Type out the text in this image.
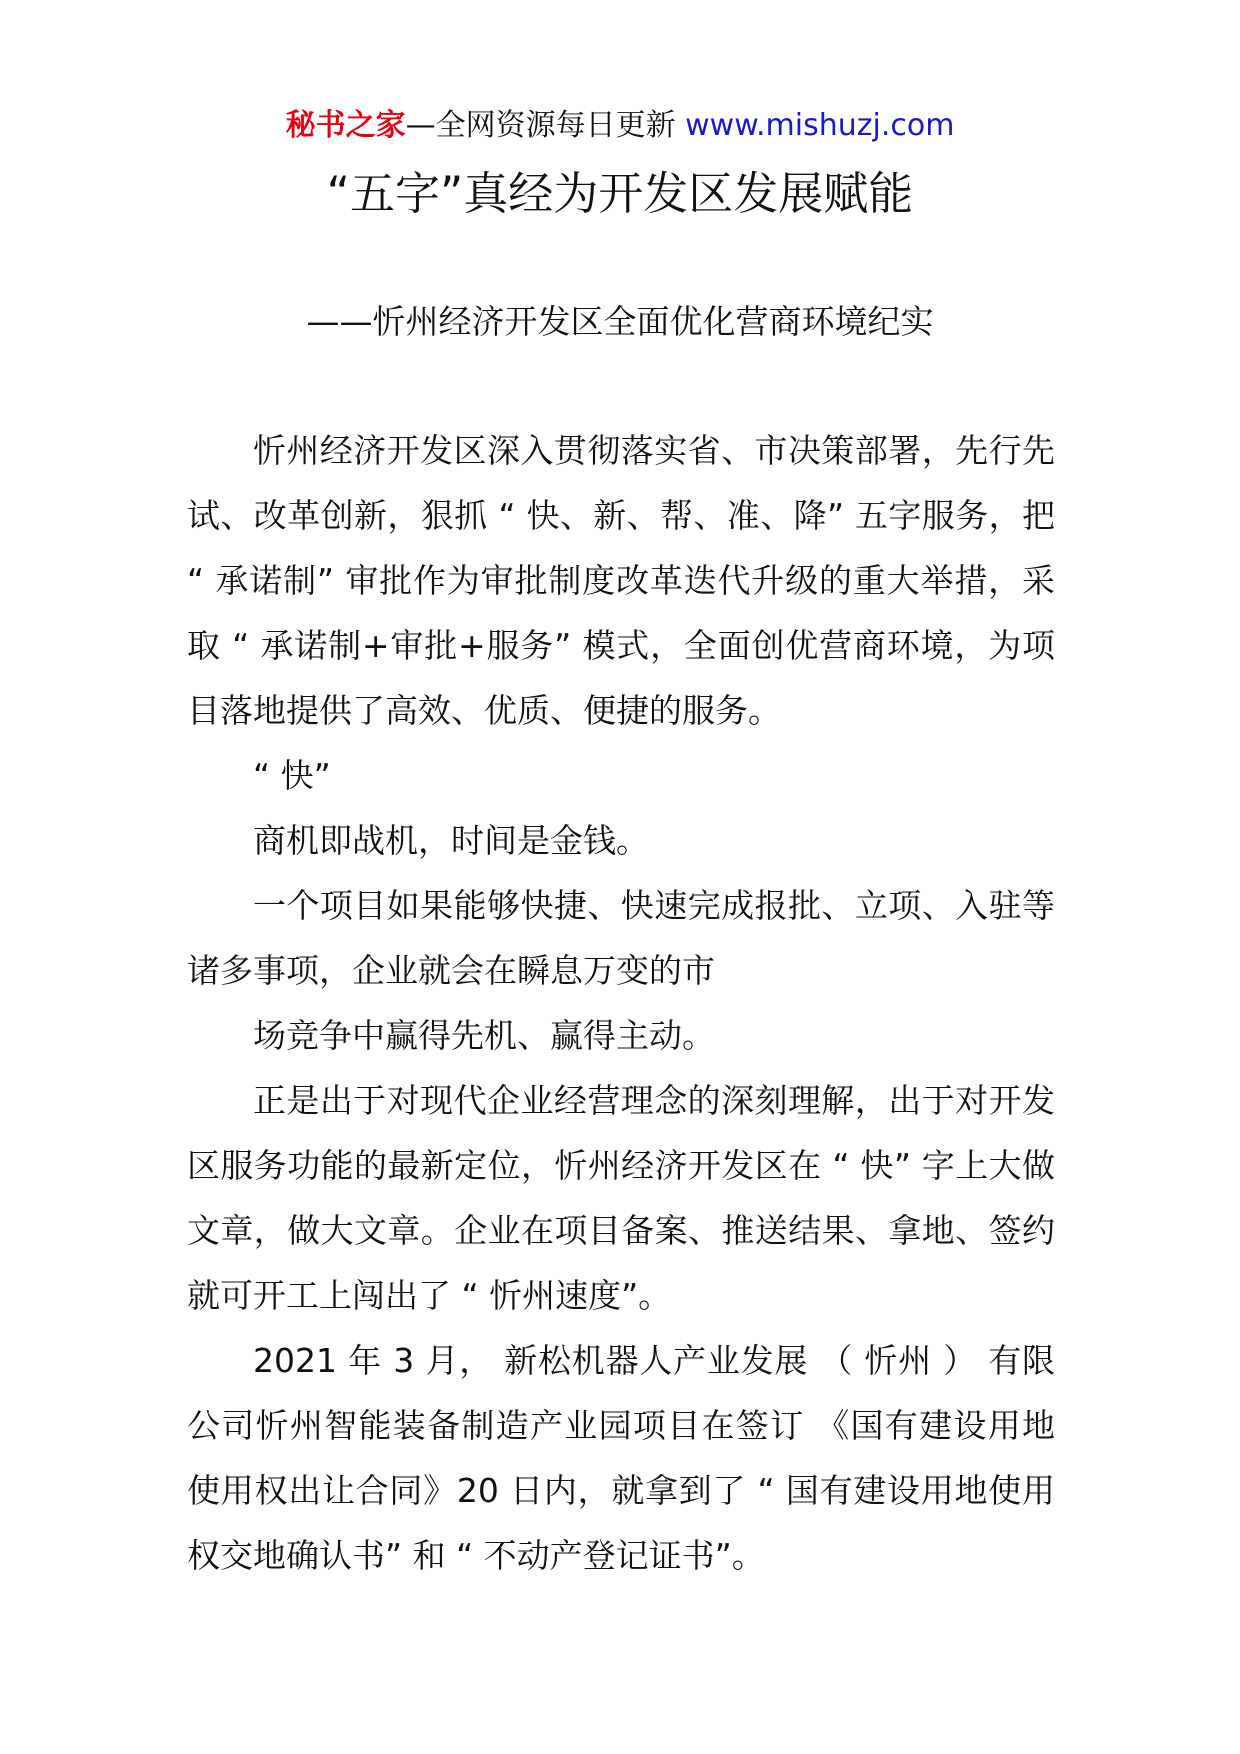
秘书之家—全网资源每日更新 www.mishuzj.com
“五字”真经为开发区发展赋能
——忻州经济开发区全面优化营商环境纪实

忻州经济开发区深入贯彻落实省、市决策部署，先行先试、改革创新，狠抓 “ 快、新、帮、准、降” 五字服务，把 “ 承诺制” 审批作为审批制度改革迭代升级的重大举措，采取 “ 承诺制+审批+服务” 模式，全面创优营商环境，为项目落地提供了高效、优质、便捷的服务。

“ 快”

商机即战机，时间是金钱。

一个项目如果能够快捷、快速完成报批、立项、入驻等诸多事项，企业就会在瞬息万变的市

场竞争中赢得先机、赢得主动。

正是出于对现代企业经营理念的深刻理解，出于对开发区服务功能的最新定位，忻州经济开发区在 “ 快” 字上大做文章，做大文章。企业在项目备案、推送结果、拿地、签约就可开工上闯出了 “ 忻州速度”。

2021 年 3 月， 新松机器人产业发展 （ 忻州 ） 有限公司忻州智能装备制造产业园项目在签订 《国有建设用地使用权出让合同》20 日内，就拿到了 “ 国有建设用地使用权交地确认书” 和 “ 不动产登记证书”。
